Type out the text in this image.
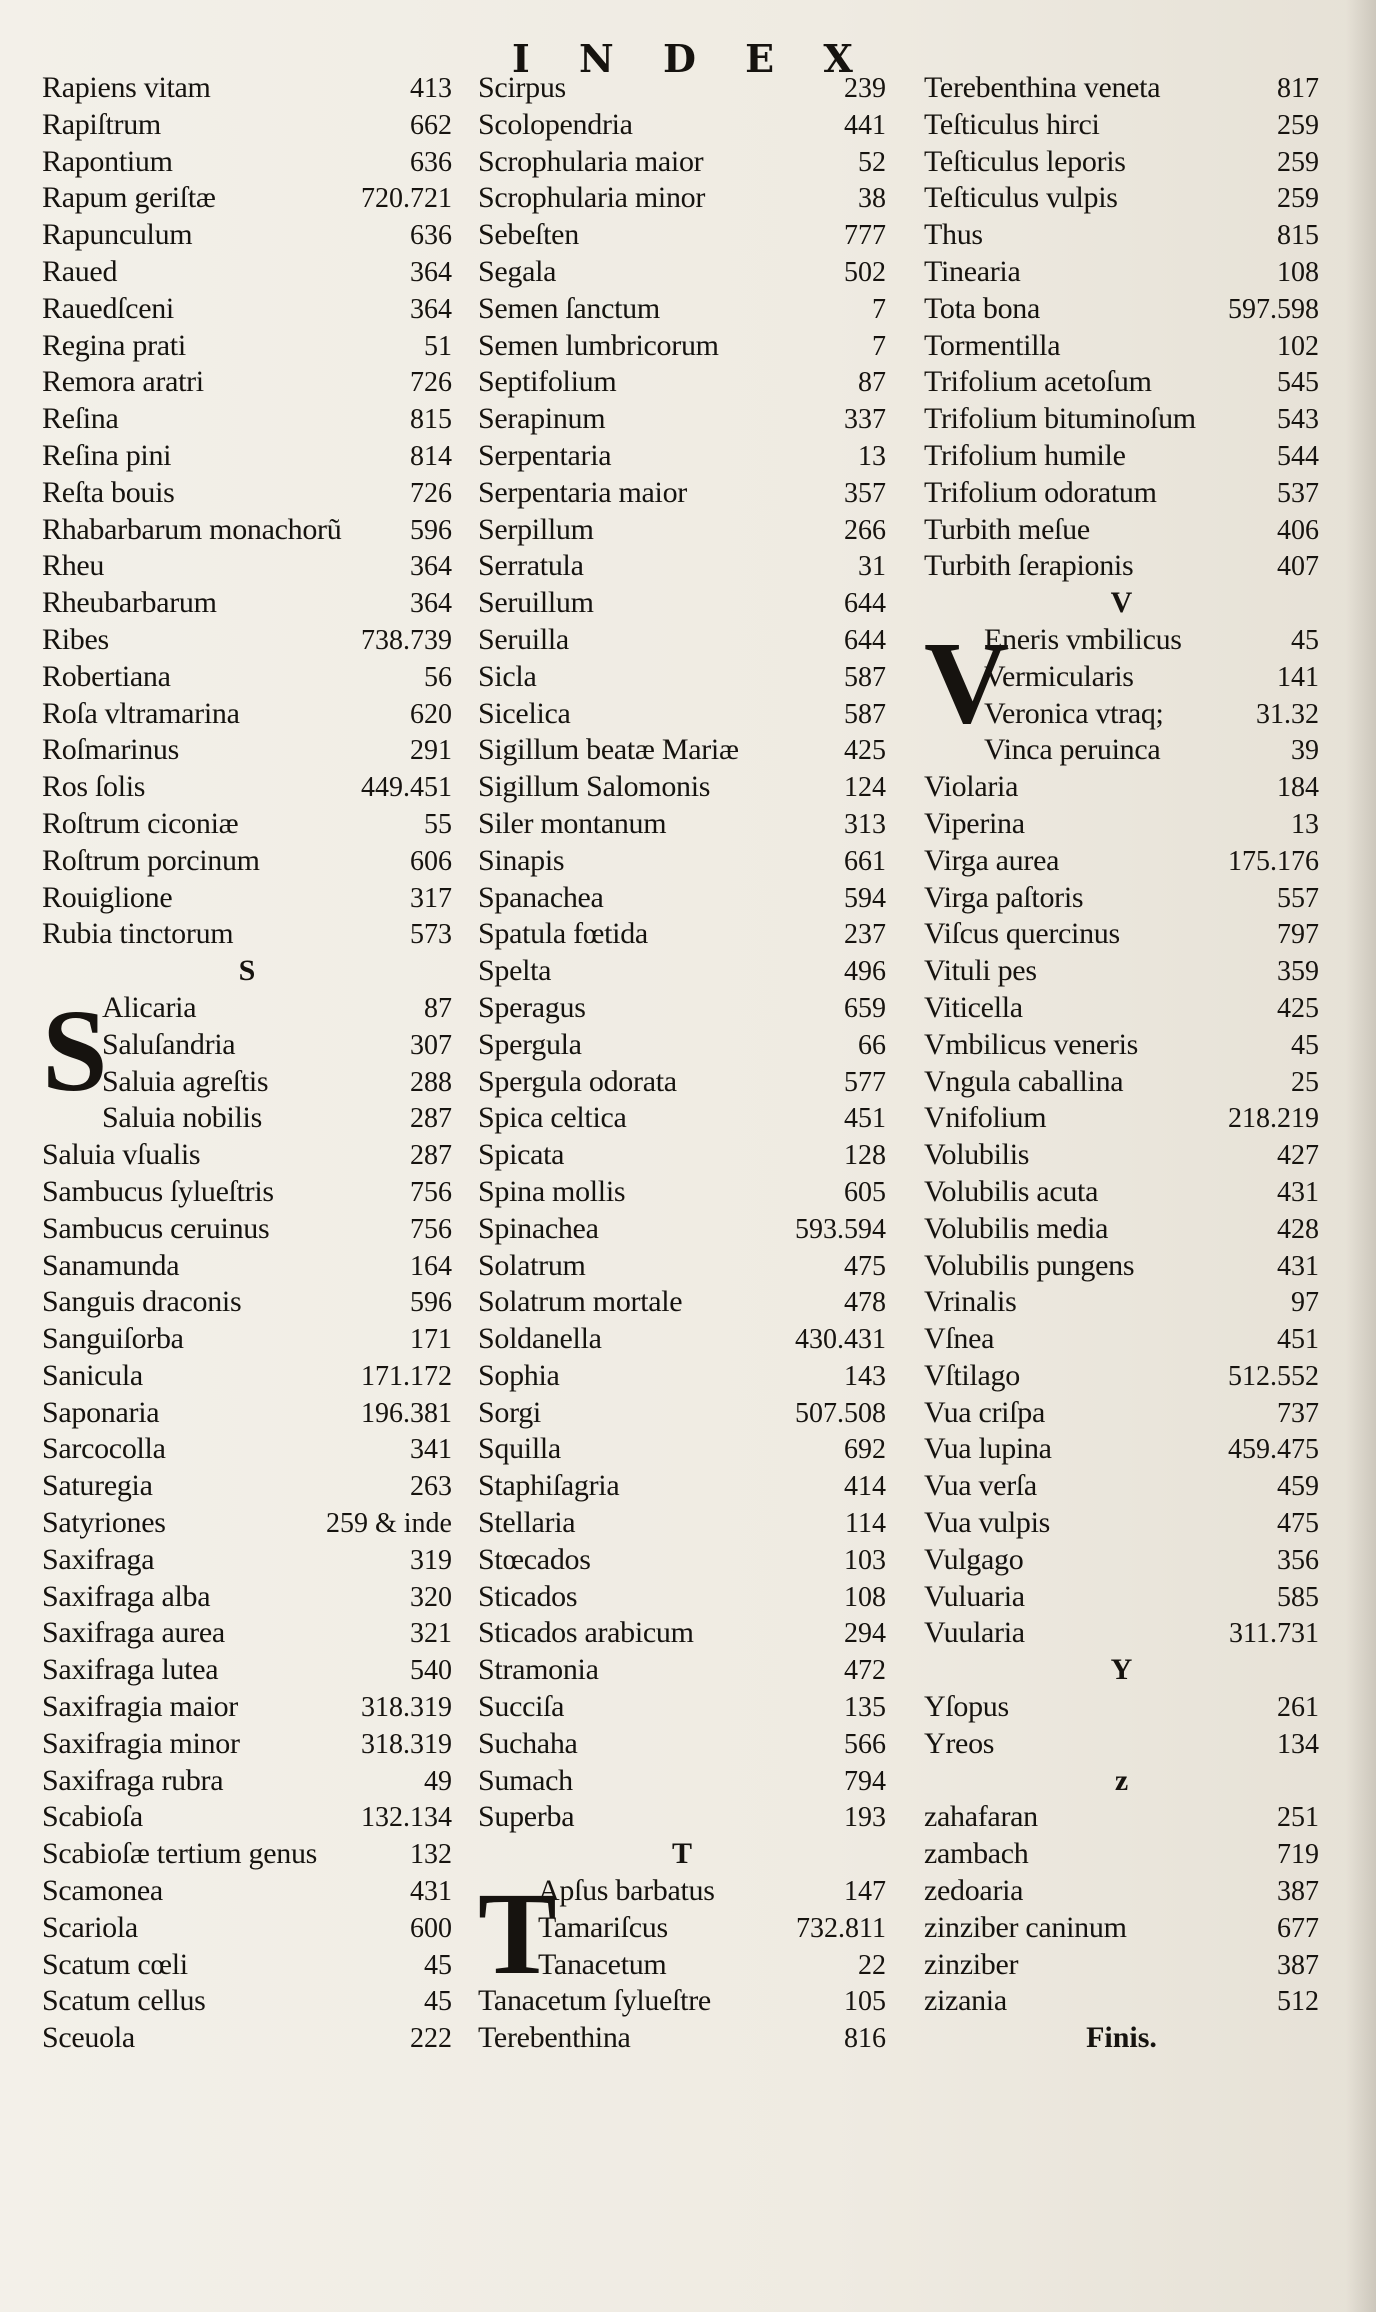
I N D E X
Rapiens vitam	413
Rapiſtrum	662
Rapontium	636
Rapum geriſtæ	720.721
Rapunculum	636
Raued	364
Rauedſceni	364
Regina prati	51
Remora aratri	726
Reſina	815
Reſina pini	814
Reſta bouis	726
Rhabarbarum monachorũ 596
Rheu	364
Rheubarbarum	364
Ribes	738.739
Robertiana	56
Roſa vltramarina	620
Roſmarinus	291
Ros ſolis	449.451
Roſtrum ciconiæ	55
Roſtrum porcinum	606
Rouiglione	317
Rubia tinctorum	573
S
S
Alicaria	87
Saluſandria	307
Saluia agreſtis	288
Saluia nobilis	287
Saluia vſualis	287
Sambucus ſylueſtris	756
Sambucus ceruinus	756
Sanamunda	164
Sanguis draconis	596
Sanguiſorba	171
Sanicula	171.172
Saponaria	196.381
Sarcocolla	341
Saturegia	263
Satyriones	259 & inde
Saxifraga	319
Saxifraga alba	320
Saxifraga aurea	321
Saxifraga lutea	540
Saxifragia maior	318.319
Saxifragia minor	318.319
Saxifraga rubra	49
Scabioſa	132.134
Scabioſæ tertium genus	132
Scamonea	431
Scariola	600
Scatum cœli	45
Scatum cellus	45
Sceuola	222
Scirpus	239
Scolopendria	441
Scrophularia maior	52
Scrophularia minor	38
Sebeſten	777
Segala	502
Semen ſanctum	7
Semen lumbricorum	7
Septifolium	87
Serapinum	337
Serpentaria	13
Serpentaria maior	357
Serpillum	266
Serratula	31
Seruillum	644
Seruilla	644
Sicla	587
Sicelica	587
Sigillum beatæ Mariæ	425
Sigillum Salomonis	124
Siler montanum	313
Sinapis	661
Spanachea	594
Spatula fœtida	237
Spelta	496
Speragus	659
Spergula	66
Spergula odorata	577
Spica celtica	451
Spicata	128
Spina mollis	605
Spinachea	593.594
Solatrum	475
Solatrum mortale	478
Soldanella	430.431
Sophia	143
Sorgi	507.508
Squilla	692
Staphiſagria	414
Stellaria	114
Stœcados	103
Sticados	108
Sticados arabicum	294
Stramonia	472
Succiſa	135
Suchaha	566
Sumach	794
Superba	193
T
T
Apſus barbatus	147
Tamariſcus	732.811
Tanacetum	22
Tanacetum ſylueſtre	105
Terebenthina	816
Terebenthina veneta	817
Teſticulus hirci	259
Teſticulus leporis	259
Teſticulus vulpis	259
Thus	815
Tinearia	108
Tota bona	597.598
Tormentilla	102
Trifolium acetoſum	545
Trifolium bituminoſum	543
Trifolium humile	544
Trifolium odoratum	537
Turbith meſue	406
Turbith ſerapionis	407
V
V
Eneris vmbilicus	45
Vermicularis	141
Veronica vtraq;	31.32
Vinca peruinca	39
Violaria	184
Viperina	13
Virga aurea	175.176
Virga paſtoris	557
Viſcus quercinus	797
Vituli pes	359
Viticella	425
Vmbilicus veneris	45
Vngula caballina	25
Vnifolium	218.219
Volubilis	427
Volubilis acuta	431
Volubilis media	428
Volubilis pungens	431
Vrinalis	97
Vſnea	451
Vſtilago	512.552
Vua criſpa	737
Vua lupina	459.475
Vua verſa	459
Vua vulpis	475
Vulgago	356
Vuluaria	585
Vuularia	311.731
Y
Yſopus	261
Yreos	134
z
zahafaran	251
zambach	719
zedoaria	387
zinziber caninum	677
zinziber	387
zizania	512
Finis.
